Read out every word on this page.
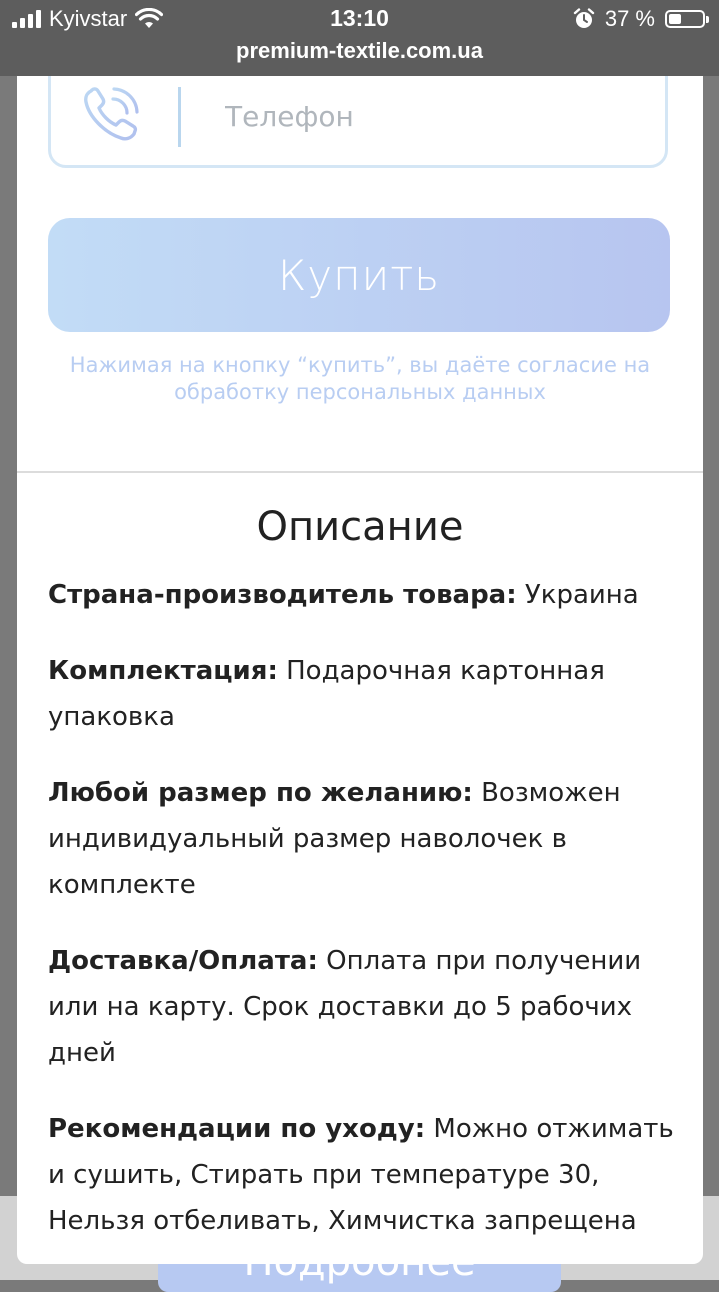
Kyivstar	13:10	37 %
premium-textile.com.ua
Телефон
Купить
Нажимая на кнопку “купить”, вы даёте согласие на обработку персональных данных
Описание
Страна-производитель товара: Украина
Комплектация: Подарочная картонная упаковка
Любой размер по желанию: Возможен индивидуальный размер наволочек в комплекте
Доставка/Оплата: Оплата при получении или на карту. Срок доставки до 5 рабочих дней
Рекомендации по уходу: Можно отжимать и сушить, Стирать при температуре 30, Нельзя отбеливать, Химчистка запрещена
